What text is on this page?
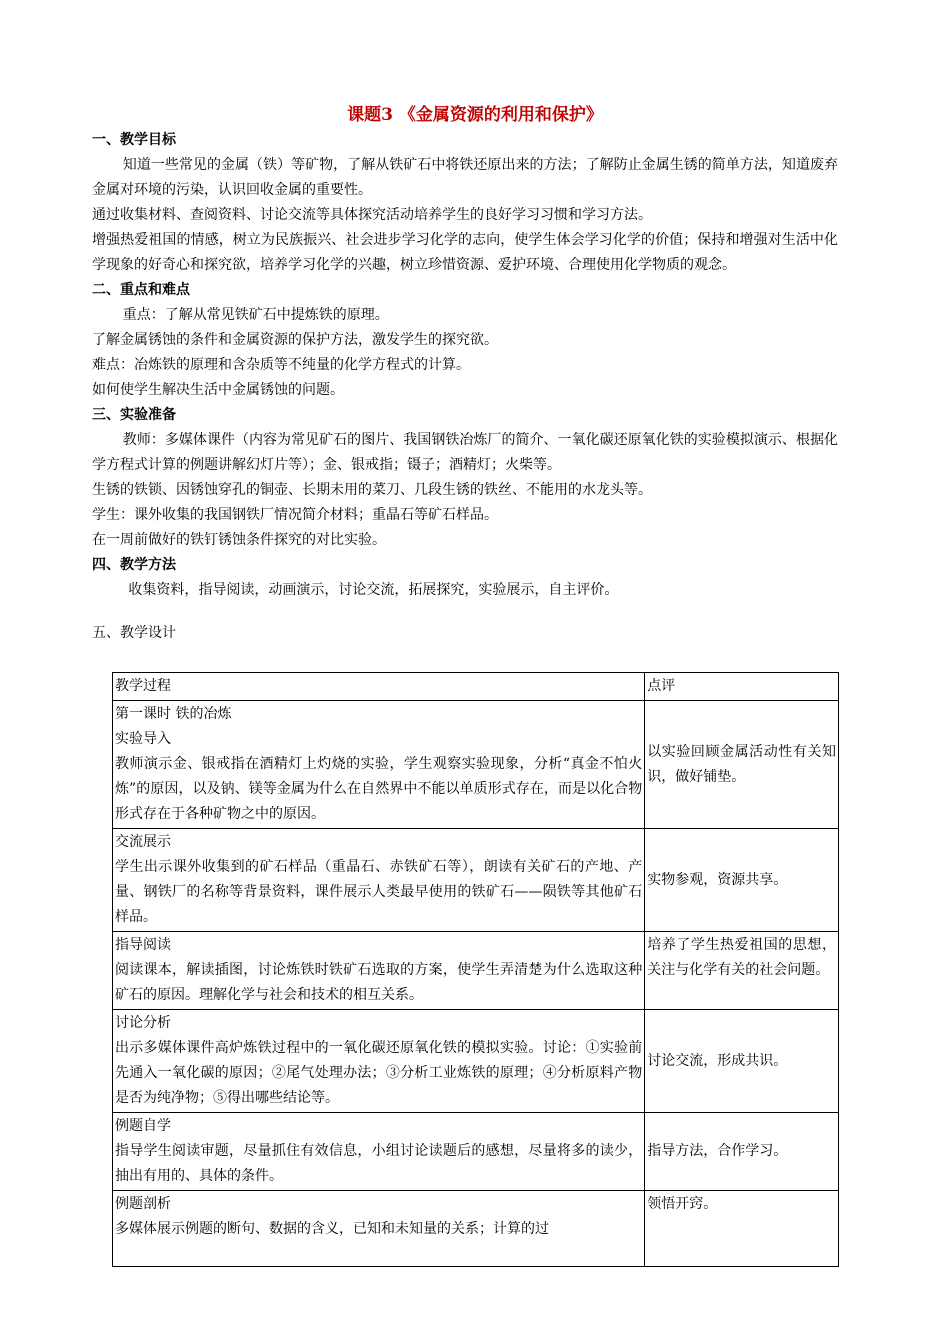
课题3 《金属资源的利用和保护》
一、教学目标
知道一些常见的金属（铁）等矿物，了解从铁矿石中将铁还原出来的方法；了解防止金属生锈的简单方法，知道废弃金属对环境的污染，认识回收金属的重要性。
通过收集材料、查阅资料、讨论交流等具体探究活动培养学生的良好学习习惯和学习方法。
增强热爱祖国的情感，树立为民族振兴、社会进步学习化学的志向，使学生体会学习化学的价值；保持和增强对生活中化学现象的好奇心和探究欲，培养学习化学的兴趣，树立珍惜资源、爱护环境、合理使用化学物质的观念。
二、重点和难点
重点：了解从常见铁矿石中提炼铁的原理。
了解金属锈蚀的条件和金属资源的保护方法，激发学生的探究欲。
难点：冶炼铁的原理和含杂质等不纯量的化学方程式的计算。
如何使学生解决生活中金属锈蚀的问题。
三、实验准备
教师：多媒体课件（内容为常见矿石的图片、我国钢铁冶炼厂的简介、一氧化碳还原氧化铁的实验模拟演示、根据化学方程式计算的例题讲解幻灯片等）；金、银戒指；镊子；酒精灯；火柴等。
生锈的铁锁、因锈蚀穿孔的铜壶、长期未用的菜刀、几段生锈的铁丝、不能用的水龙头等。
学生：课外收集的我国钢铁厂情况简介材料；重晶石等矿石样品。
在一周前做好的铁钉锈蚀条件探究的对比实验。
四、教学方法
收集资料，指导阅读，动画演示，讨论交流，拓展探究，实验展示，自主评价。
五、教学设计
教学过程	点评

第一课时 铁的冶炼
实验导入
教师演示金、银戒指在酒精灯上灼烧的实验，学生观察实验现象，分析“真金不怕火炼”的原因，以及钠、镁等金属为什么在自然界中不能以单质形式存在，而是以化合物形式存在于各种矿物之中的原因。	以实验回顾金属活动性有关知识，做好铺垫。

交流展示
学生出示课外收集到的矿石样品（重晶石、赤铁矿石等），朗读有关矿石的产地、产量、钢铁厂的名称等背景资料，课件展示人类最早使用的铁矿石——陨铁等其他矿石样品。	实物参观，资源共享。

指导阅读
阅读课本，解读插图，讨论炼铁时铁矿石选取的方案，使学生弄清楚为什么选取这种矿石的原因。理解化学与社会和技术的相互关系。	培养了学生热爱祖国的思想，关注与化学有关的社会问题。

讨论分析
出示多媒体课件高炉炼铁过程中的一氧化碳还原氧化铁的模拟实验。讨论：①实验前先通入一氧化碳的原因；②尾气处理办法；③分析工业炼铁的原理；④分析原料产物是否为纯净物；⑤得出哪些结论等。	讨论交流，形成共识。

例题自学
指导学生阅读审题，尽量抓住有效信息，小组讨论读题后的感想，尽量将多的读少，抽出有用的、具体的条件。	指导方法，合作学习。

例题剖析
多媒体展示例题的断句、数据的含义，已知和未知量的关系；计算的过	领悟开窍。
